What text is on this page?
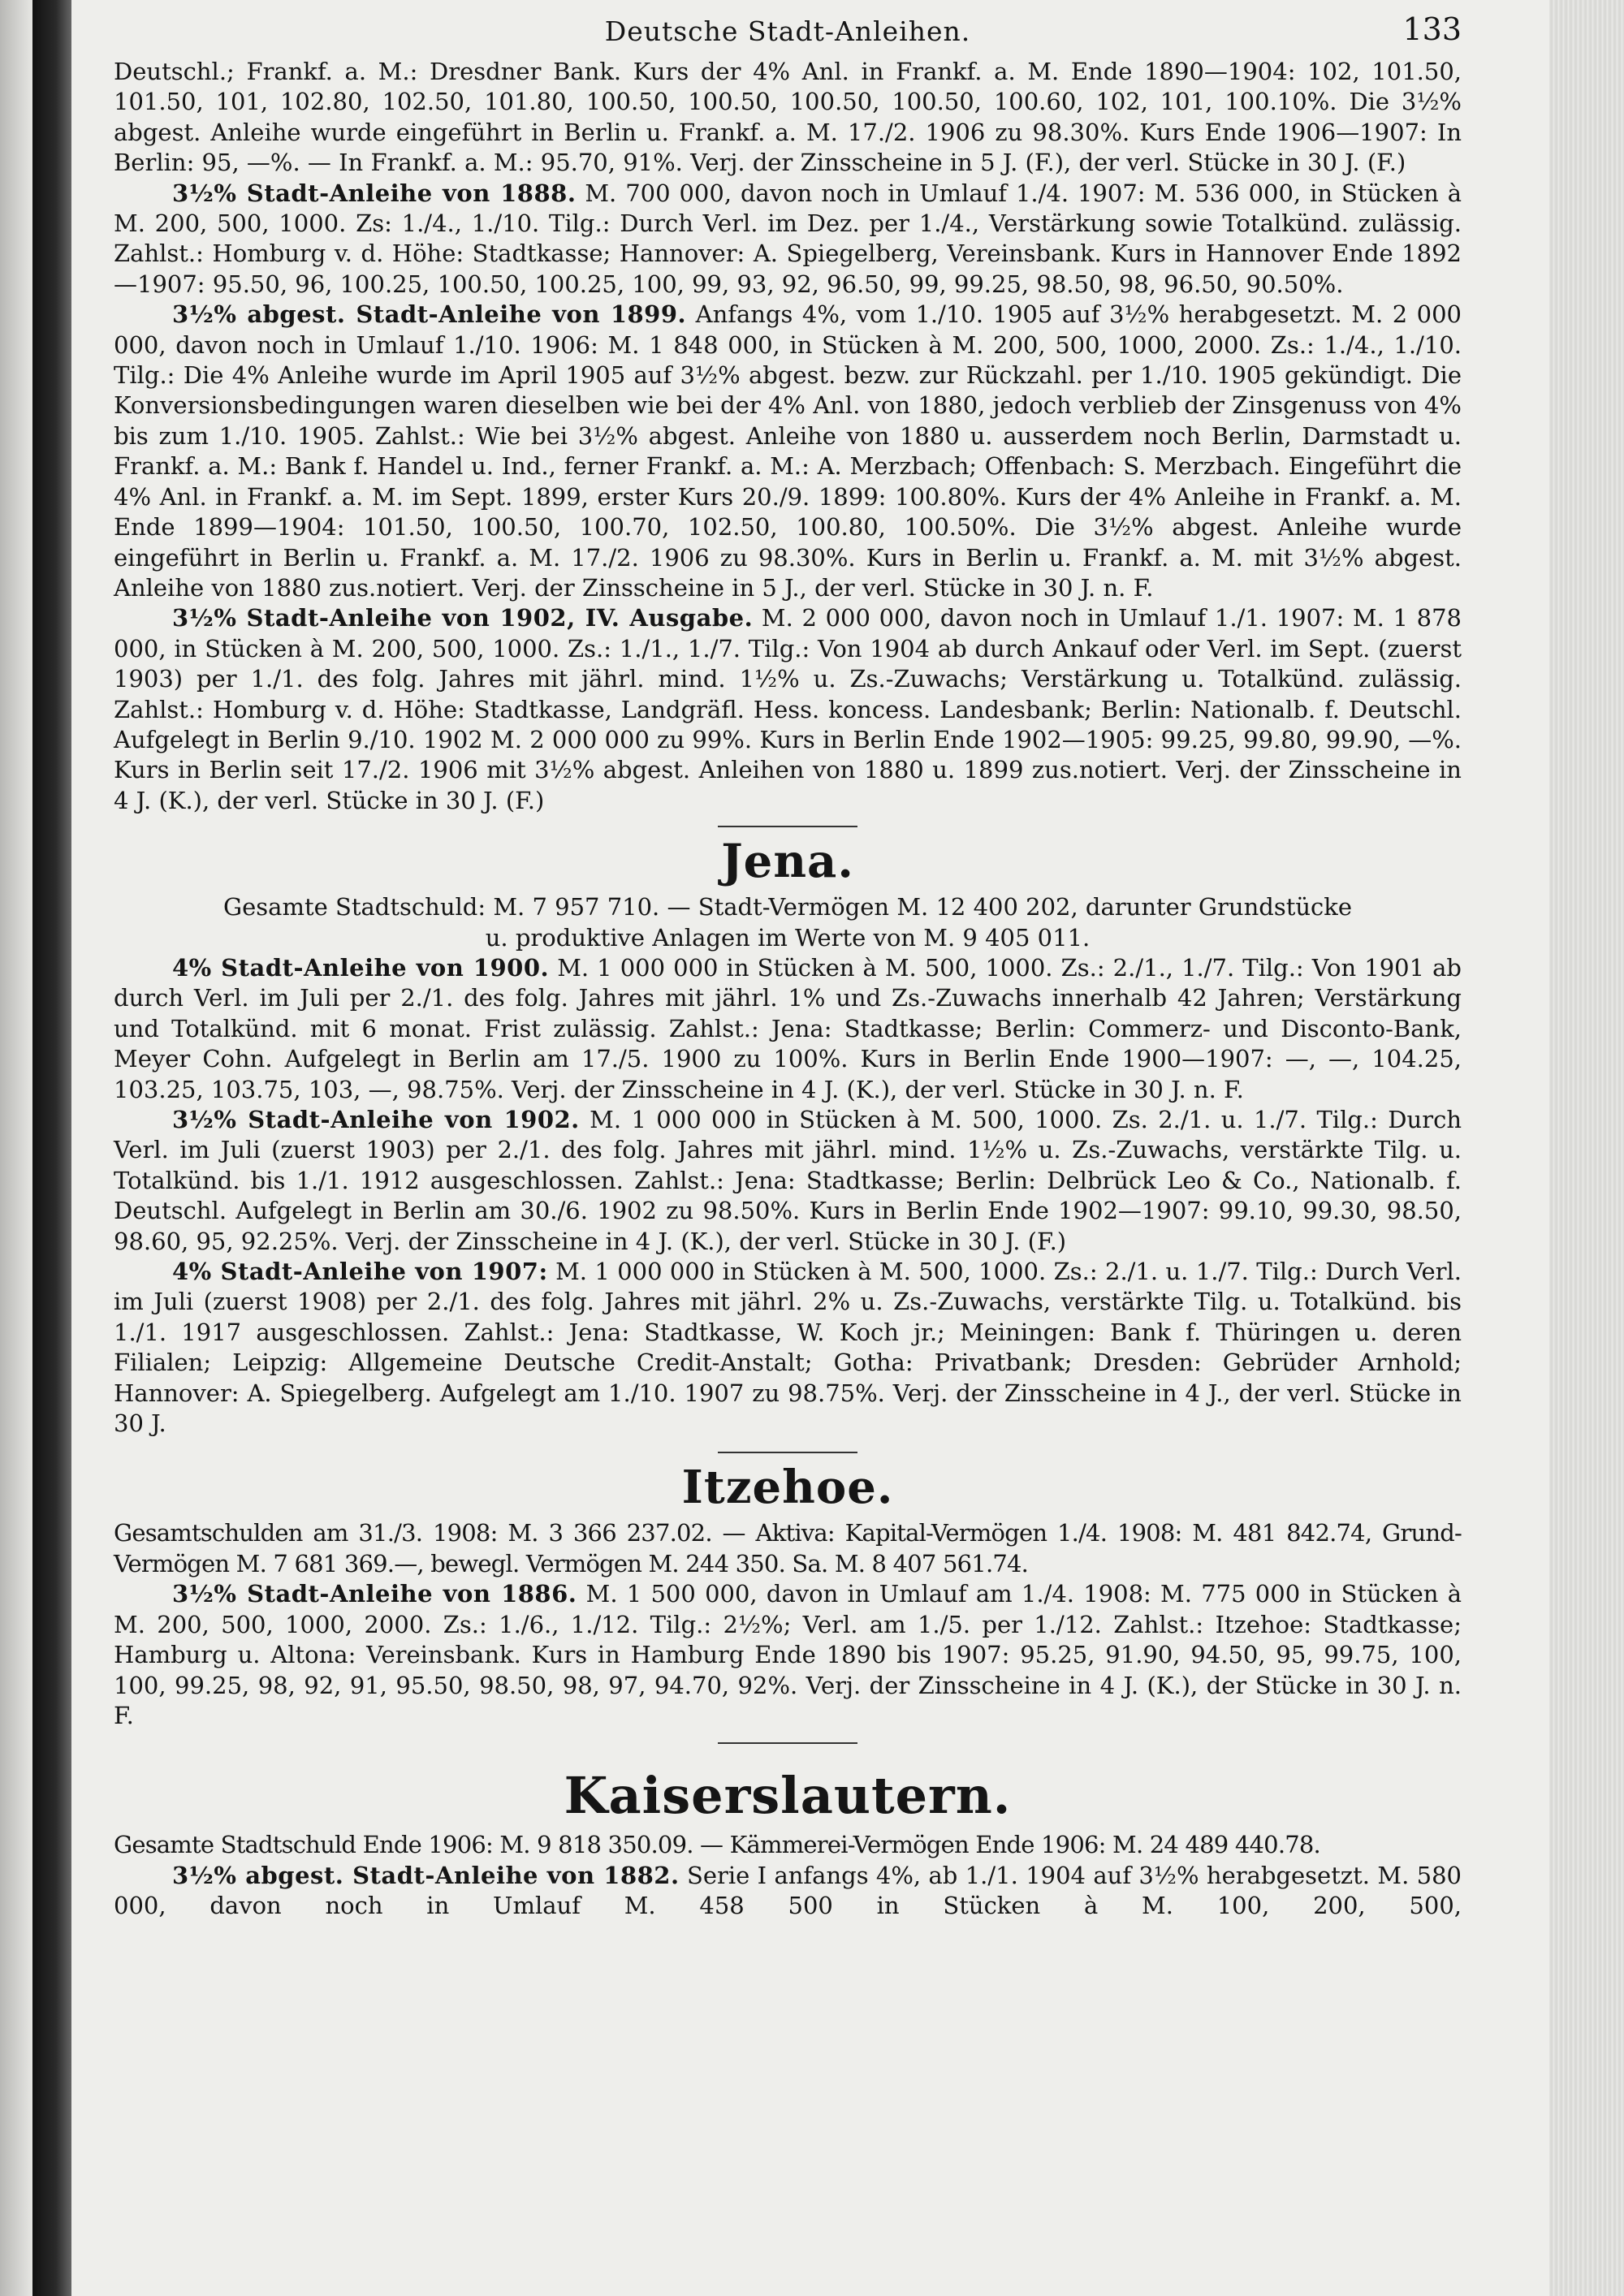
Deutsche Stadt-Anleihen.	133

Deutschl.; Frankf. a. M.: Dresdner Bank. Kurs der 4% Anl. in Frankf. a. M. Ende 1890—1904: 102, 101.50, 101.50, 101, 102.80, 102.50, 101.80, 100.50, 100.50, 100.50, 100.50, 100.60, 102, 101, 100.10%. Die 3½% abgest. Anleihe wurde eingeführt in Berlin u. Frankf. a. M. 17./2. 1906 zu 98.30%. Kurs Ende 1906—1907: In Berlin: 95, —%. — In Frankf. a. M.: 95.70, 91%. Verj. der Zinsscheine in 5 J. (F.), der verl. Stücke in 30 J. (F.)

3½% Stadt-Anleihe von 1888. M. 700 000, davon noch in Umlauf 1./4. 1907: M. 536 000, in Stücken à M. 200, 500, 1000. Zs: 1./4., 1./10. Tilg.: Durch Verl. im Dez. per 1./4., Verstärkung sowie Totalkünd. zulässig. Zahlst.: Homburg v. d. Höhe: Stadtkasse; Hannover: A. Spiegelberg, Vereinsbank. Kurs in Hannover Ende 1892—1907: 95.50, 96, 100.25, 100.50, 100.25, 100, 99, 93, 92, 96.50, 99, 99.25, 98.50, 98, 96.50, 90.50%.

3½% abgest. Stadt-Anleihe von 1899. Anfangs 4%, vom 1./10. 1905 auf 3½% herabgesetzt. M. 2 000 000, davon noch in Umlauf 1./10. 1906: M. 1 848 000, in Stücken à M. 200, 500, 1000, 2000. Zs.: 1./4., 1./10. Tilg.: Die 4% Anleihe wurde im April 1905 auf 3½% abgest. bezw. zur Rückzahl. per 1./10. 1905 gekündigt. Die Konversionsbedingungen waren dieselben wie bei der 4% Anl. von 1880, jedoch verblieb der Zinsgenuss von 4% bis zum 1./10. 1905. Zahlst.: Wie bei 3½% abgest. Anleihe von 1880 u. ausserdem noch Berlin, Darmstadt u. Frankf. a. M.: Bank f. Handel u. Ind., ferner Frankf. a. M.: A. Merzbach; Offenbach: S. Merzbach. Eingeführt die 4% Anl. in Frankf. a. M. im Sept. 1899, erster Kurs 20./9. 1899: 100.80%. Kurs der 4% Anleihe in Frankf. a. M. Ende 1899—1904: 101.50, 100.50, 100.70, 102.50, 100.80, 100.50%. Die 3½% abgest. Anleihe wurde eingeführt in Berlin u. Frankf. a. M. 17./2. 1906 zu 98.30%. Kurs in Berlin u. Frankf. a. M. mit 3½% abgest. Anleihe von 1880 zus.notiert. Verj. der Zinsscheine in 5 J., der verl. Stücke in 30 J. n. F.

3½% Stadt-Anleihe von 1902, IV. Ausgabe. M. 2 000 000, davon noch in Umlauf 1./1. 1907: M. 1 878 000, in Stücken à M. 200, 500, 1000. Zs.: 1./1., 1./7. Tilg.: Von 1904 ab durch Ankauf oder Verl. im Sept. (zuerst 1903) per 1./1. des folg. Jahres mit jährl. mind. 1½% u. Zs.-Zuwachs; Verstärkung u. Totalkünd. zulässig. Zahlst.: Homburg v. d. Höhe: Stadtkasse, Landgräfl. Hess. koncess. Landesbank; Berlin: Nationalb. f. Deutschl. Aufgelegt in Berlin 9./10. 1902 M. 2 000 000 zu 99%. Kurs in Berlin Ende 1902—1905: 99.25, 99.80, 99.90, —%. Kurs in Berlin seit 17./2. 1906 mit 3½% abgest. Anleihen von 1880 u. 1899 zus.notiert. Verj. der Zinsscheine in 4 J. (K.), der verl. Stücke in 30 J. (F.)

Jena.

Gesamte Stadtschuld: M. 7 957 710. — Stadt-Vermögen M. 12 400 202, darunter Grundstücke
u. produktive Anlagen im Werte von M. 9 405 011.

4% Stadt-Anleihe von 1900. M. 1 000 000 in Stücken à M. 500, 1000. Zs.: 2./1., 1./7. Tilg.: Von 1901 ab durch Verl. im Juli per 2./1. des folg. Jahres mit jährl. 1% und Zs.-Zuwachs innerhalb 42 Jahren; Verstärkung und Totalkünd. mit 6 monat. Frist zulässig. Zahlst.: Jena: Stadtkasse; Berlin: Commerz- und Disconto-Bank, Meyer Cohn. Aufgelegt in Berlin am 17./5. 1900 zu 100%. Kurs in Berlin Ende 1900—1907: —, —, 104.25, 103.25, 103.75, 103, —, 98.75%. Verj. der Zinsscheine in 4 J. (K.), der verl. Stücke in 30 J. n. F.

3½% Stadt-Anleihe von 1902. M. 1 000 000 in Stücken à M. 500, 1000. Zs. 2./1. u. 1./7. Tilg.: Durch Verl. im Juli (zuerst 1903) per 2./1. des folg. Jahres mit jährl. mind. 1½% u. Zs.-Zuwachs, verstärkte Tilg. u. Totalkünd. bis 1./1. 1912 ausgeschlossen. Zahlst.: Jena: Stadtkasse; Berlin: Delbrück Leo & Co., Nationalb. f. Deutschl. Aufgelegt in Berlin am 30./6. 1902 zu 98.50%. Kurs in Berlin Ende 1902—1907: 99.10, 99.30, 98.50, 98.60, 95, 92.25%. Verj. der Zinsscheine in 4 J. (K.), der verl. Stücke in 30 J. (F.)

4% Stadt-Anleihe von 1907: M. 1 000 000 in Stücken à M. 500, 1000. Zs.: 2./1. u. 1./7. Tilg.: Durch Verl. im Juli (zuerst 1908) per 2./1. des folg. Jahres mit jährl. 2% u. Zs.-Zuwachs, verstärkte Tilg. u. Totalkünd. bis 1./1. 1917 ausgeschlossen. Zahlst.: Jena: Stadtkasse, W. Koch jr.; Meiningen: Bank f. Thüringen u. deren Filialen; Leipzig: Allgemeine Deutsche Credit-Anstalt; Gotha: Privatbank; Dresden: Gebrüder Arnhold; Hannover: A. Spiegelberg. Aufgelegt am 1./10. 1907 zu 98.75%. Verj. der Zinsscheine in 4 J., der verl. Stücke in 30 J.

Itzehoe.

Gesamtschulden am 31./3. 1908: M. 3 366 237.02. — Aktiva: Kapital-Vermögen 1./4. 1908: M. 481 842.74, Grund-Vermögen M. 7 681 369.—, bewegl. Vermögen M. 244 350. Sa. M. 8 407 561.74.

3½% Stadt-Anleihe von 1886. M. 1 500 000, davon in Umlauf am 1./4. 1908: M. 775 000 in Stücken à M. 200, 500, 1000, 2000. Zs.: 1./6., 1./12. Tilg.: 2½%; Verl. am 1./5. per 1./12. Zahlst.: Itzehoe: Stadtkasse; Hamburg u. Altona: Vereinsbank. Kurs in Hamburg Ende 1890 bis 1907: 95.25, 91.90, 94.50, 95, 99.75, 100, 100, 99.25, 98, 92, 91, 95.50, 98.50, 98, 97, 94.70, 92%. Verj. der Zinsscheine in 4 J. (K.), der Stücke in 30 J. n. F.

Kaiserslautern.

Gesamte Stadtschuld Ende 1906: M. 9 818 350.09. — Kämmerei-Vermögen Ende 1906: M. 24 489 440.78.

3½% abgest. Stadt-Anleihe von 1882. Serie I anfangs 4%, ab 1./1. 1904 auf 3½% herabgesetzt. M. 580 000, davon noch in Umlauf M. 458 500 in Stücken à M. 100, 200, 500,
